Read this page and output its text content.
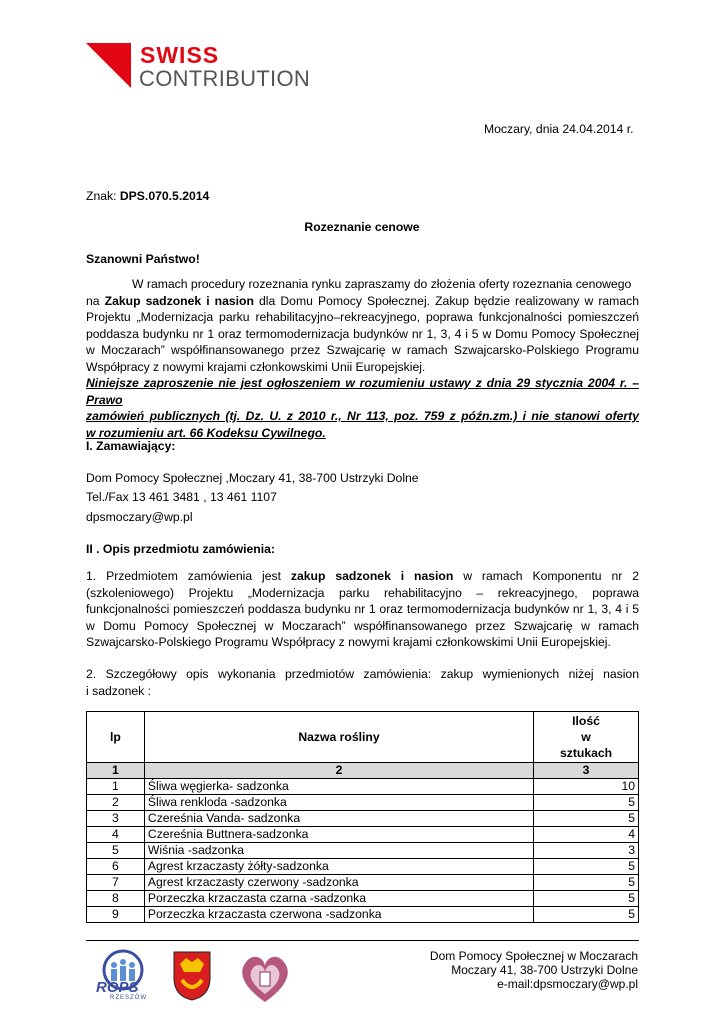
SWISS
CONTRIBUTION
Moczary, dnia 24.04.2014 r.
Znak: DPS.070.5.2014
Rozeznanie cenowe
Szanowni Państwo!
W ramach procedury rozeznania rynku zapraszamy do złożenia oferty rozeznania cenowego
na Zakup sadzonek i nasion dla Domu Pomocy Społecznej. Zakup będzie realizowany w ramach
Projektu „Modernizacja parku rehabilitacyjno–rekreacyjnego, poprawa funkcjonalności pomieszczeń
poddasza budynku nr 1 oraz termomodernizacja budynków nr 1, 3, 4 i 5 w Domu Pomocy Społecznej
w Moczarach” współfinansowanego przez Szwajcarię w ramach Szwajcarsko-Polskiego Programu
Współpracy z nowymi krajami członkowskimi Unii Europejskiej.
Niniejsze zaproszenie nie jest ogłoszeniem w rozumieniu ustawy z dnia 29 stycznia 2004 r. – Prawo
zamówień publicznych (tj. Dz. U. z 2010 r., Nr 113, poz. 759 z późn.zm.) i nie stanowi oferty
w rozumieniu art. 66 Kodeksu Cywilnego.
I. Zamawiający:
Dom Pomocy Społecznej ,Moczary 41, 38-700 Ustrzyki Dolne
Tel./Fax 13 461 3481 , 13 461 1107
dpsmoczary@wp.pl
II . Opis przedmiotu zamówienia:
1. Przedmiotem zamówienia jest zakup sadzonek i nasion w ramach Komponentu nr 2
(szkoleniowego) Projektu „Modernizacja parku rehabilitacyjno – rekreacyjnego, poprawa
funkcjonalności pomieszczeń poddasza budynku nr 1 oraz termomodernizacja budynków nr 1, 3, 4 i 5
w Domu Pomocy Społecznej w Moczarach” współfinansowanego przez Szwajcarię w ramach
Szwajcarsko-Polskiego Programu Współpracy z nowymi krajami członkowskimi Unii Europejskiej.
2. Szczegółowy opis wykonania przedmiotów zamówienia: zakup wymienionych niżej nasion
i sadzonek :
lp	Nazwa rośliny	Ilość
w
sztukach

1	2	3
1	Śliwa węgierka- sadzonka	10
2	Śliwa renkloda -sadzonka	5
3	Czereśnia Vanda- sadzonka	5
4	Czereśnia Buttnera-sadzonka	4
5	Wiśnia -sadzonka	3
6	Agrest krzaczasty żółty-sadzonka	5
7	Agrest krzaczasty czerwony -sadzonka	5
8	Porzeczka krzaczasta czarna -sadzonka	5
9	Porzeczka krzaczasta czerwona -sadzonka	5
ROPS
RZESZÓW
Dom Pomocy Społecznej w Moczarach
Moczary 41, 38-700 Ustrzyki Dolne
e-mail:dpsmoczary@wp.pl
